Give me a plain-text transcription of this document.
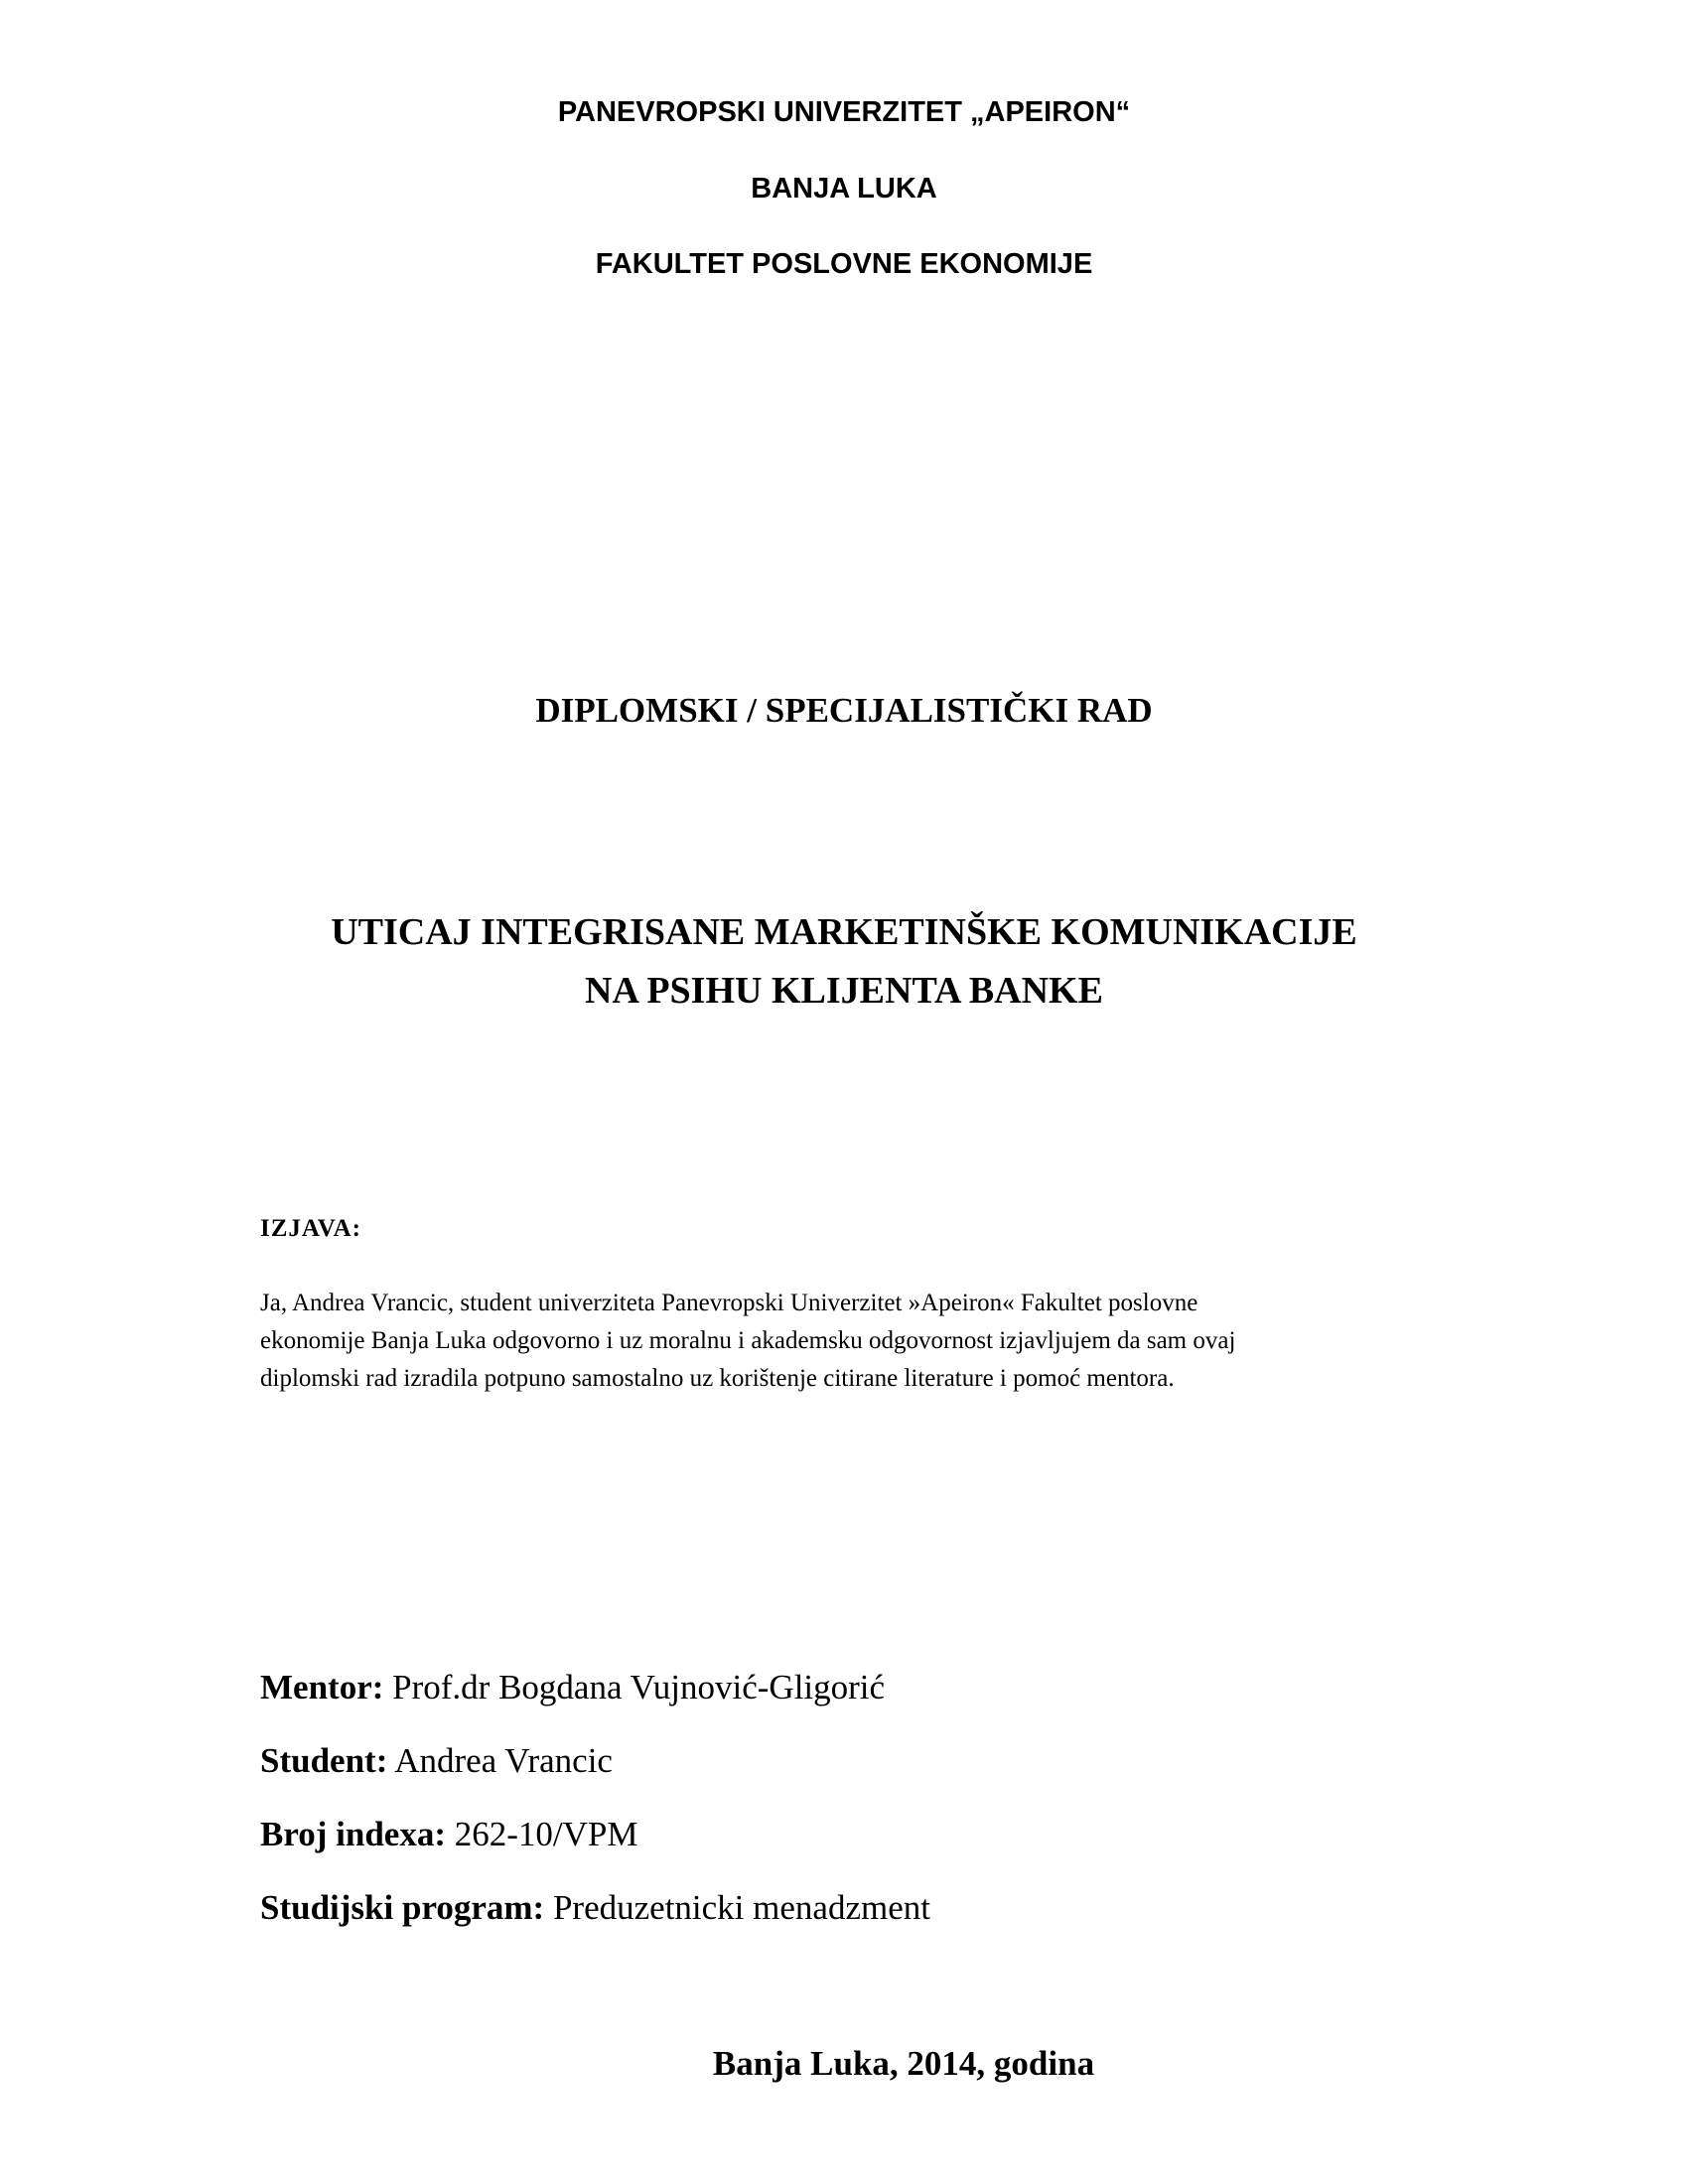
PANEVROPSKI UNIVERZITET „APEIRON“
BANJA LUKA
FAKULTET POSLOVNE EKONOMIJE
DIPLOMSKI / SPECIJALISTIČKI RAD
UTICAJ INTEGRISANE MARKETINŠKE KOMUNIKACIJE
NA PSIHU KLIJENTA BANKE
IZJAVA:
Ja, Andrea Vrancic, student univerziteta Panevropski Univerzitet »Apeiron« Fakultet poslovne
ekonomije Banja Luka odgovorno i uz moralnu i akademsku odgovornost izjavljujem da sam ovaj
diplomski rad izradila potpuno samostalno uz korištenje citirane literature i pomoć mentora.
Mentor: Prof.dr Bogdana Vujnović-Gligorić
Student: Andrea Vrancic
Broj indexa: 262-10/VPM
Studijski program: Preduzetnicki menadzment
Banja Luka, 2014, godina
